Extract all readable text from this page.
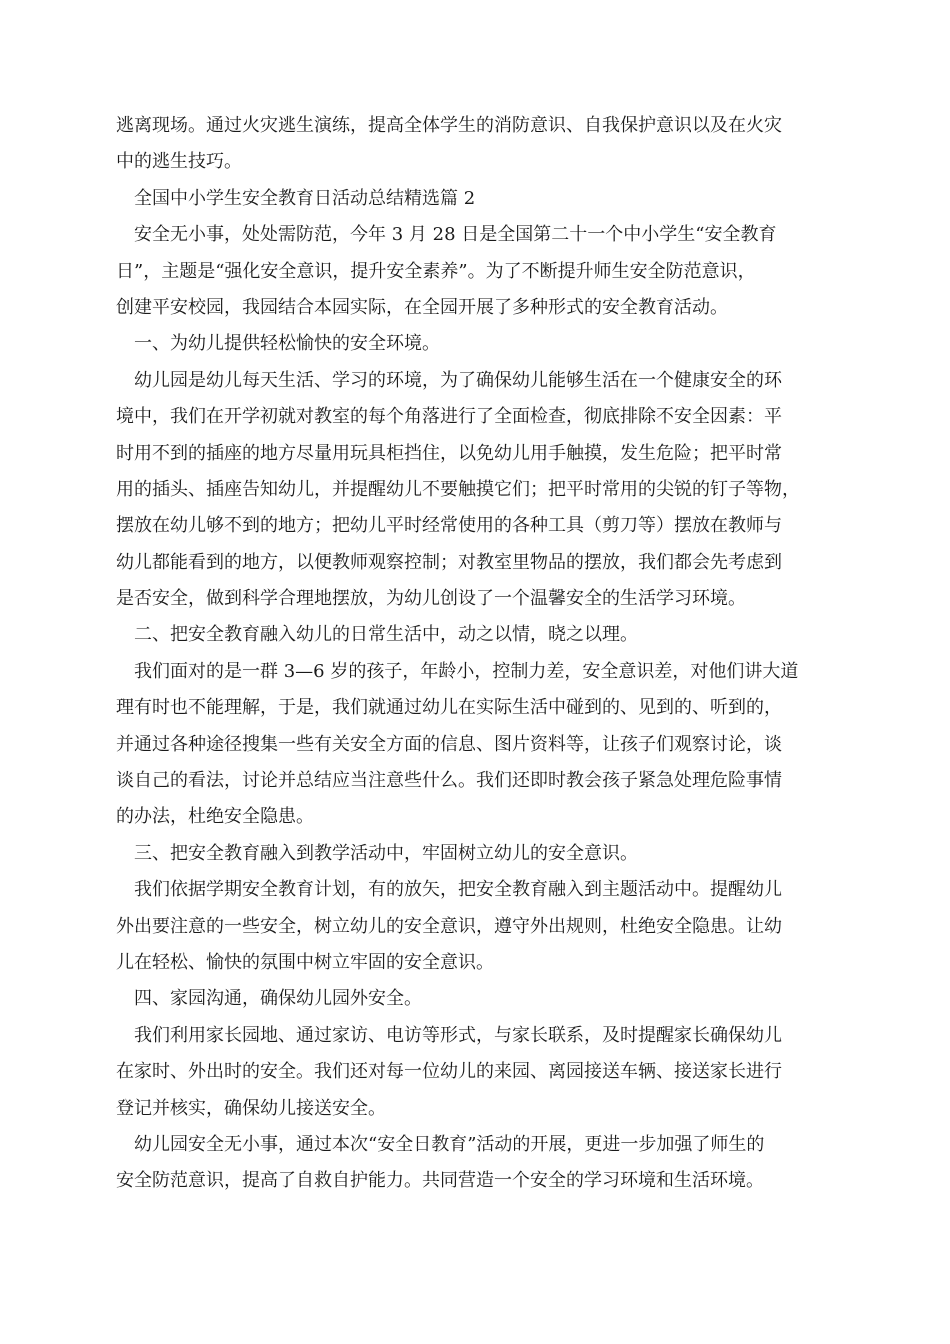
逃离现场。通过火灾逃生演练，提高全体学生的消防意识、自我保护意识以及在火灾
中的逃生技巧。
全国中小学生安全教育日活动总结精选篇 2
安全无小事，处处需防范，今年 3 月 28 日是全国第二十一个中小学生“安全教育
日”，主题是“强化安全意识，提升安全素养”。为了不断提升师生安全防范意识，
创建平安校园，我园结合本园实际，在全园开展了多种形式的安全教育活动。
一、为幼儿提供轻松愉快的安全环境。
幼儿园是幼儿每天生活、学习的环境，为了确保幼儿能够生活在一个健康安全的环
境中，我们在开学初就对教室的每个角落进行了全面检查，彻底排除不安全因素：平
时用不到的插座的地方尽量用玩具柜挡住，以免幼儿用手触摸，发生危险；把平时常
用的插头、插座告知幼儿，并提醒幼儿不要触摸它们；把平时常用的尖锐的钉子等物，
摆放在幼儿够不到的地方；把幼儿平时经常使用的各种工具（剪刀等）摆放在教师与
幼儿都能看到的地方，以便教师观察控制；对教室里物品的摆放，我们都会先考虑到
是否安全，做到科学合理地摆放，为幼儿创设了一个温馨安全的生活学习环境。
二、把安全教育融入幼儿的日常生活中，动之以情，晓之以理。
我们面对的是一群 3—6 岁的孩子，年龄小，控制力差，安全意识差，对他们讲大道
理有时也不能理解，于是，我们就通过幼儿在实际生活中碰到的、见到的、听到的，
并通过各种途径搜集一些有关安全方面的信息、图片资料等，让孩子们观察讨论，谈
谈自己的看法，讨论并总结应当注意些什么。我们还即时教会孩子紧急处理危险事情
的办法，杜绝安全隐患。
三、把安全教育融入到教学活动中，牢固树立幼儿的安全意识。
我们依据学期安全教育计划，有的放矢，把安全教育融入到主题活动中。提醒幼儿
外出要注意的一些安全，树立幼儿的安全意识，遵守外出规则，杜绝安全隐患。让幼
儿在轻松、愉快的氛围中树立牢固的安全意识。
四、家园沟通，确保幼儿园外安全。
我们利用家长园地、通过家访、电访等形式，与家长联系，及时提醒家长确保幼儿
在家时、外出时的安全。我们还对每一位幼儿的来园、离园接送车辆、接送家长进行
登记并核实，确保幼儿接送安全。
幼儿园安全无小事，通过本次“安全日教育”活动的开展，更进一步加强了师生的
安全防范意识，提高了自救自护能力。共同营造一个安全的学习环境和生活环境。
